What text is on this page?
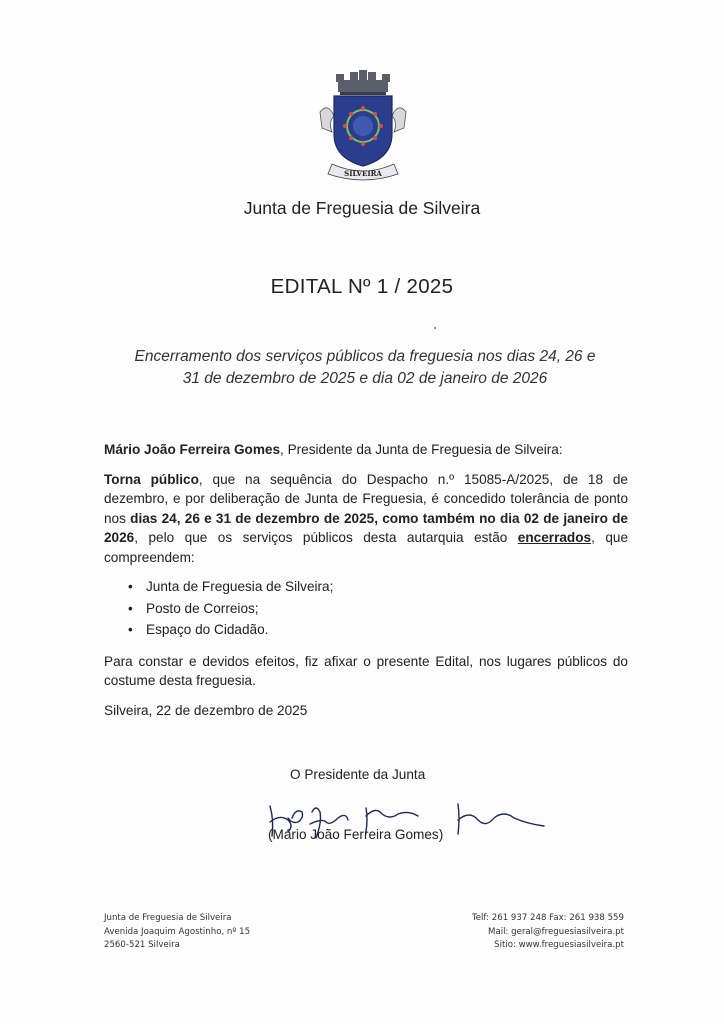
SILVEIRA
Junta de Freguesia de Silveira
EDITAL Nº 1 / 2025
Encerramento dos serviços públicos da freguesia nos dias 24, 26 e
31 de dezembro de 2025 e dia 02 de janeiro de 2026

Mário João Ferreira Gomes, Presidente da Junta de Freguesia de Silveira:

Torna público, que na sequência do Despacho n.º 15085-A/2025, de 18 de dezembro, e por deliberação de Junta de Freguesia, é concedido tolerância de ponto nos dias 24, 26 e 31 de dezembro de 2025, como também no dia 02 de janeiro de 2026, pelo que os serviços públicos desta autarquia estão encerrados, que compreendem:

• Junta de Freguesia de Silveira;
• Posto de Correios;
• Espaço do Cidadão.

Para constar e devidos efeitos, fiz afixar o presente Edital, nos lugares públicos do costume desta freguesia.

Silveira, 22 de dezembro de 2025

O Presidente da Junta
(Mário João Ferreira Gomes)
Junta de Freguesia de Silveira
Avenida Joaquim Agostinho, nº 15
2560-521 Silveira
Telf: 261 937 248 Fax: 261 938 559
Mail: geral@freguesiasilveira.pt
Sitio: www.freguesiasilveira.pt
